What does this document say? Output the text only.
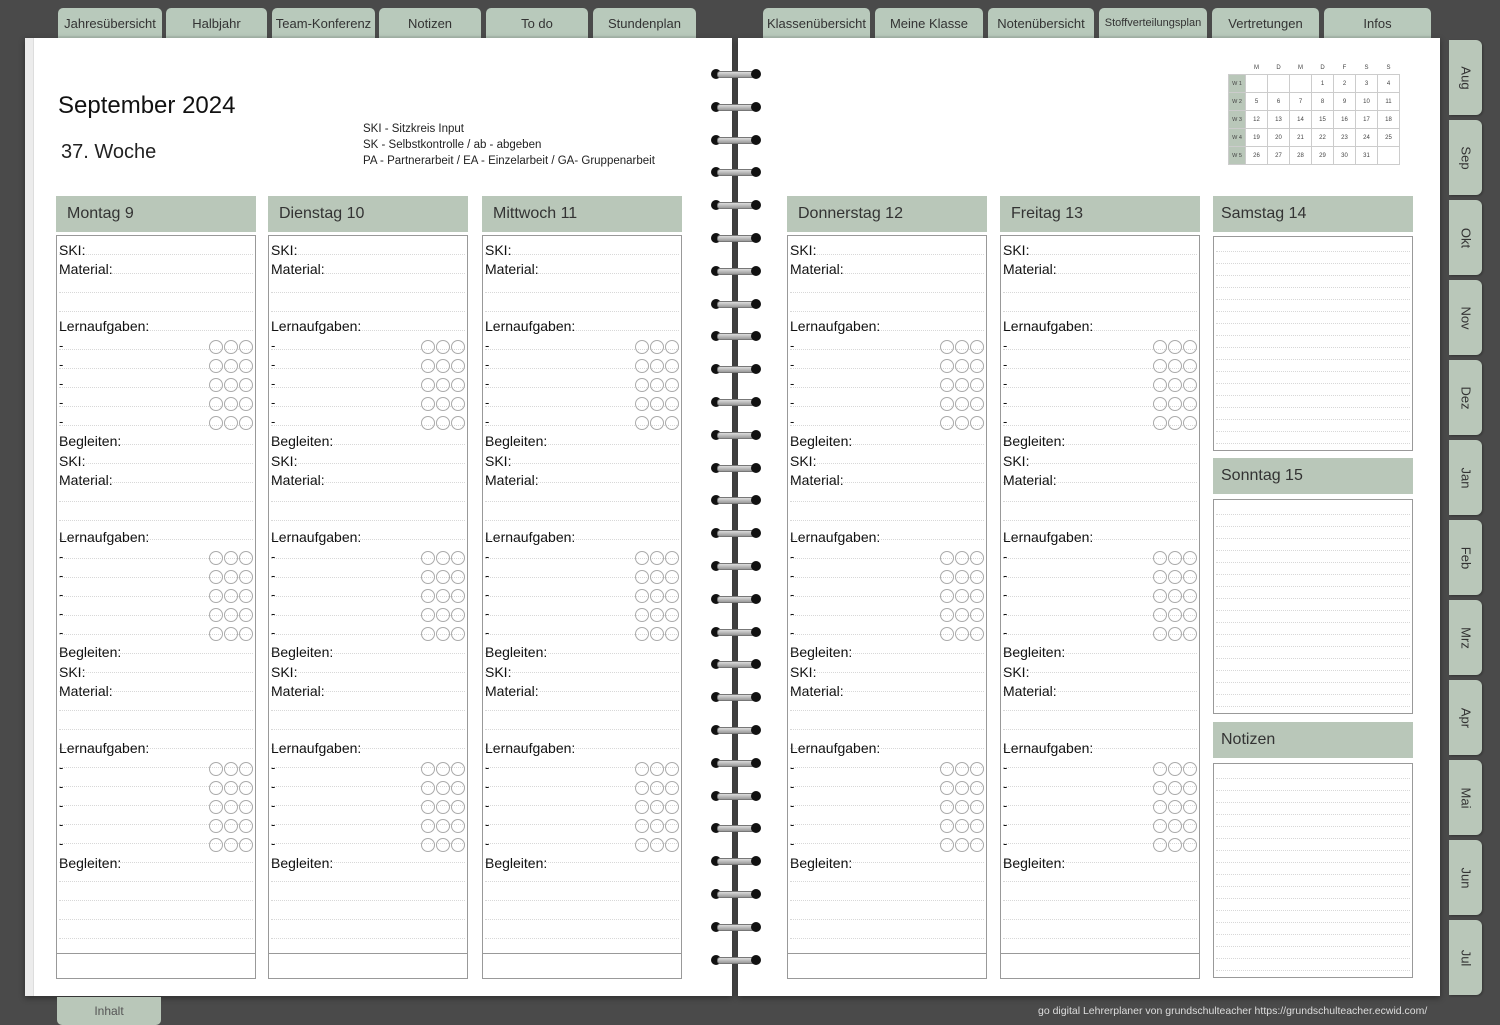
Jahresübersicht	Halbjahr	Team-Konferenz	Notizen	To do	Stundenplan	Klassenübersicht	Meine Klasse	Notenübersicht	Stoffverteilungsplan	Vertretungen	Infos
Aug
Sep
Okt
Nov
Dez
Jan
Feb
Mrz
Apr
Mai
Jun
Jul
September 2024
37. Woche
SKI - Sitzkreis Input
SK - Selbstkontrolle / ab - abgeben
PA - Partnerarbeit / EA - Einzelarbeit / GA- Gruppenarbeit
	M	D	M	D	F	S	S
W 1				1	2	3	4
W 2	5	6	7	8	9	10	11
W 3	12	13	14	15	16	17	18
W 4	19	20	21	22	23	24	25
W 5	26	27	28	29	30	31	
Montag 9
SKI:
Material:
Lernaufgaben:
-
-
-
-
-
Begleiten:
SKI:
Material:
Lernaufgaben:
-
-
-
-
-
Begleiten:
SKI:
Material:
Lernaufgaben:
-
-
-
-
-
Begleiten:
Dienstag 10
SKI:
Material:
Lernaufgaben:
-
-
-
-
-
Begleiten:
SKI:
Material:
Lernaufgaben:
-
-
-
-
-
Begleiten:
SKI:
Material:
Lernaufgaben:
-
-
-
-
-
Begleiten:
Mittwoch 11
SKI:
Material:
Lernaufgaben:
-
-
-
-
-
Begleiten:
SKI:
Material:
Lernaufgaben:
-
-
-
-
-
Begleiten:
SKI:
Material:
Lernaufgaben:
-
-
-
-
-
Begleiten:
Donnerstag 12
SKI:
Material:
Lernaufgaben:
-
-
-
-
-
Begleiten:
SKI:
Material:
Lernaufgaben:
-
-
-
-
-
Begleiten:
SKI:
Material:
Lernaufgaben:
-
-
-
-
-
Begleiten:
Freitag 13
SKI:
Material:
Lernaufgaben:
-
-
-
-
-
Begleiten:
SKI:
Material:
Lernaufgaben:
-
-
-
-
-
Begleiten:
SKI:
Material:
Lernaufgaben:
-
-
-
-
-
Begleiten:
Samstag 14
Sonntag 15
Notizen
Inhalt	go digital Lehrerplaner von grundschulteacher https://grundschulteacher.ecwid.com/
